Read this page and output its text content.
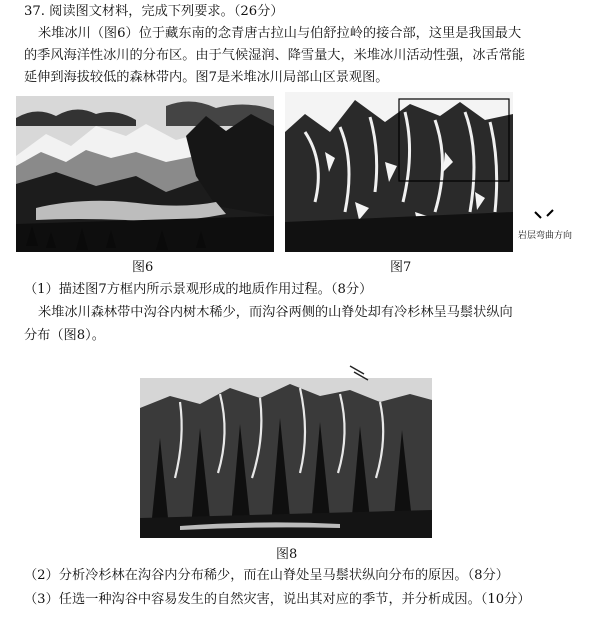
37. 阅读图文材料，完成下列要求。（26分）
米堆冰川（图6）位于藏东南的念青唐古拉山与伯舒拉岭的接合部，这里是我国最大
的季风海洋性冰川的分布区。由于气候湿润、降雪量大，米堆冰川活动性强，冰舌常能
延伸到海拔较低的森林带内。图7是米堆冰川局部山区景观图。
图6
岩层弯曲方向
图7
（1）描述图7方框内所示景观形成的地质作用过程。（8分）
米堆冰川森林带中沟谷内树木稀少，而沟谷两侧的山脊处却有冷杉林呈马鬃状纵向
分布（图8）。
图8
（2）分析冷杉林在沟谷内分布稀少，而在山脊处呈马鬃状纵向分布的原因。（8分）
（3）任选一种沟谷中容易发生的自然灾害，说出其对应的季节，并分析成因。（10分）
